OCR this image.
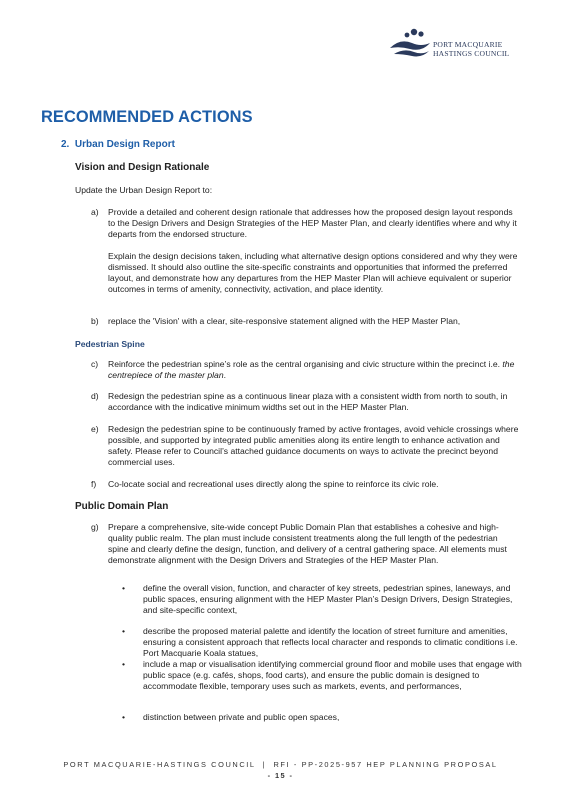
PORT MACQUARIE
HASTINGS COUNCIL
RECOMMENDED ACTIONS
2. Urban Design Report
Vision and Design Rationale
Update the Urban Design Report to:
a) Provide a detailed and coherent design rationale that addresses how the proposed design layout responds to the Design Drivers and Design Strategies of the HEP Master Plan, and clearly identifies where and why it departs from the endorsed structure.
Explain the design decisions taken, including what alternative design options considered and why they were dismissed. It should also outline the site-specific constraints and opportunities that informed the preferred layout, and demonstrate how any departures from the HEP Master Plan will achieve equivalent or superior outcomes in terms of amenity, connectivity, activation, and place identity.
b) replace the 'Vision' with a clear, site-responsive statement aligned with the HEP Master Plan,
Pedestrian Spine
c) Reinforce the pedestrian spine’s role as the central organising and civic structure within the precinct i.e. the centrepiece of the master plan.
d) Redesign the pedestrian spine as a continuous linear plaza with a consistent width from north to south, in accordance with the indicative minimum widths set out in the HEP Master Plan.
e) Redesign the pedestrian spine to be continuously framed by active frontages, avoid vehicle crossings where possible, and supported by integrated public amenities along its entire length to enhance activation and safety. Please refer to Council’s attached guidance documents on ways to activate the precinct beyond commercial uses.
f) Co-locate social and recreational uses directly along the spine to reinforce its civic role.
Public Domain Plan
g) Prepare a comprehensive, site-wide concept Public Domain Plan that establishes a cohesive and high-quality public realm. The plan must include consistent treatments along the full length of the pedestrian spine and clearly define the design, function, and delivery of a central gathering space. All elements must demonstrate alignment with the Design Drivers and Strategies of the HEP Master Plan.
• define the overall vision, function, and character of key streets, pedestrian spines, laneways, and public spaces, ensuring alignment with the HEP Master Plan’s Design Drivers, Design Strategies, and site-specific context,
• describe the proposed material palette and identify the location of street furniture and amenities, ensuring a consistent approach that reflects local character and responds to climatic conditions i.e. Port Macquarie Koala statues,
• include a map or visualisation identifying commercial ground floor and mobile uses that engage with public space (e.g. cafés, shops, food carts), and ensure the public domain is designed to accommodate flexible, temporary uses such as markets, events, and performances,
• distinction between private and public open spaces,
PORT MACQUARIE-HASTINGS COUNCIL  |  RFI - PP-2025-957 HEP PLANNING PROPOSAL
- 15 -
